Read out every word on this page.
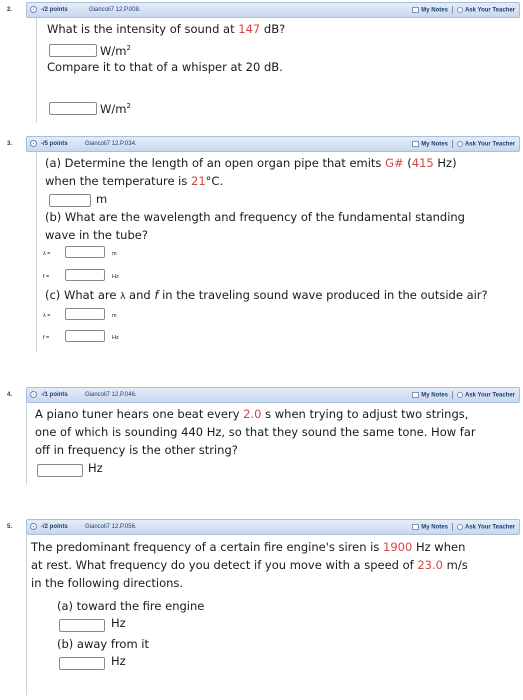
2.	-/2 points	Giancoli7 12.P.008.	My Notes	Ask Your Teacher
What is the intensity of sound at 147 dB?
$W/m^2$
Compare it to that of a whisper at 20 dB.
$W/m^2$
3.	-/5 points	Giancoli7 12.P.034.	My Notes	Ask Your Teacher
(a) Determine the length of an open organ pipe that emits G# (415 Hz)
when the temperature is 21°C.
m
(b) What are the wavelength and frequency of the fundamental standing
wave in the tube?
λ =	m
f =	Hz
(c) What are λ and f in the traveling sound wave produced in the outside air?
λ =	m
f =	Hz
4.	-/1 points	Giancoli7 12.P.046.	My Notes	Ask Your Teacher
A piano tuner hears one beat every 2.0 s when trying to adjust two strings,
one of which is sounding 440 Hz, so that they sound the same tone. How far
off in frequency is the other string?
Hz
5.	-/2 points	Giancoli7 12.P.056.	My Notes	Ask Your Teacher
The predominant frequency of a certain fire engine's siren is 1900 Hz when
at rest. What frequency do you detect if you move with a speed of 23.0 m/s
in the following directions.
(a) toward the fire engine
Hz
(b) away from it
Hz
